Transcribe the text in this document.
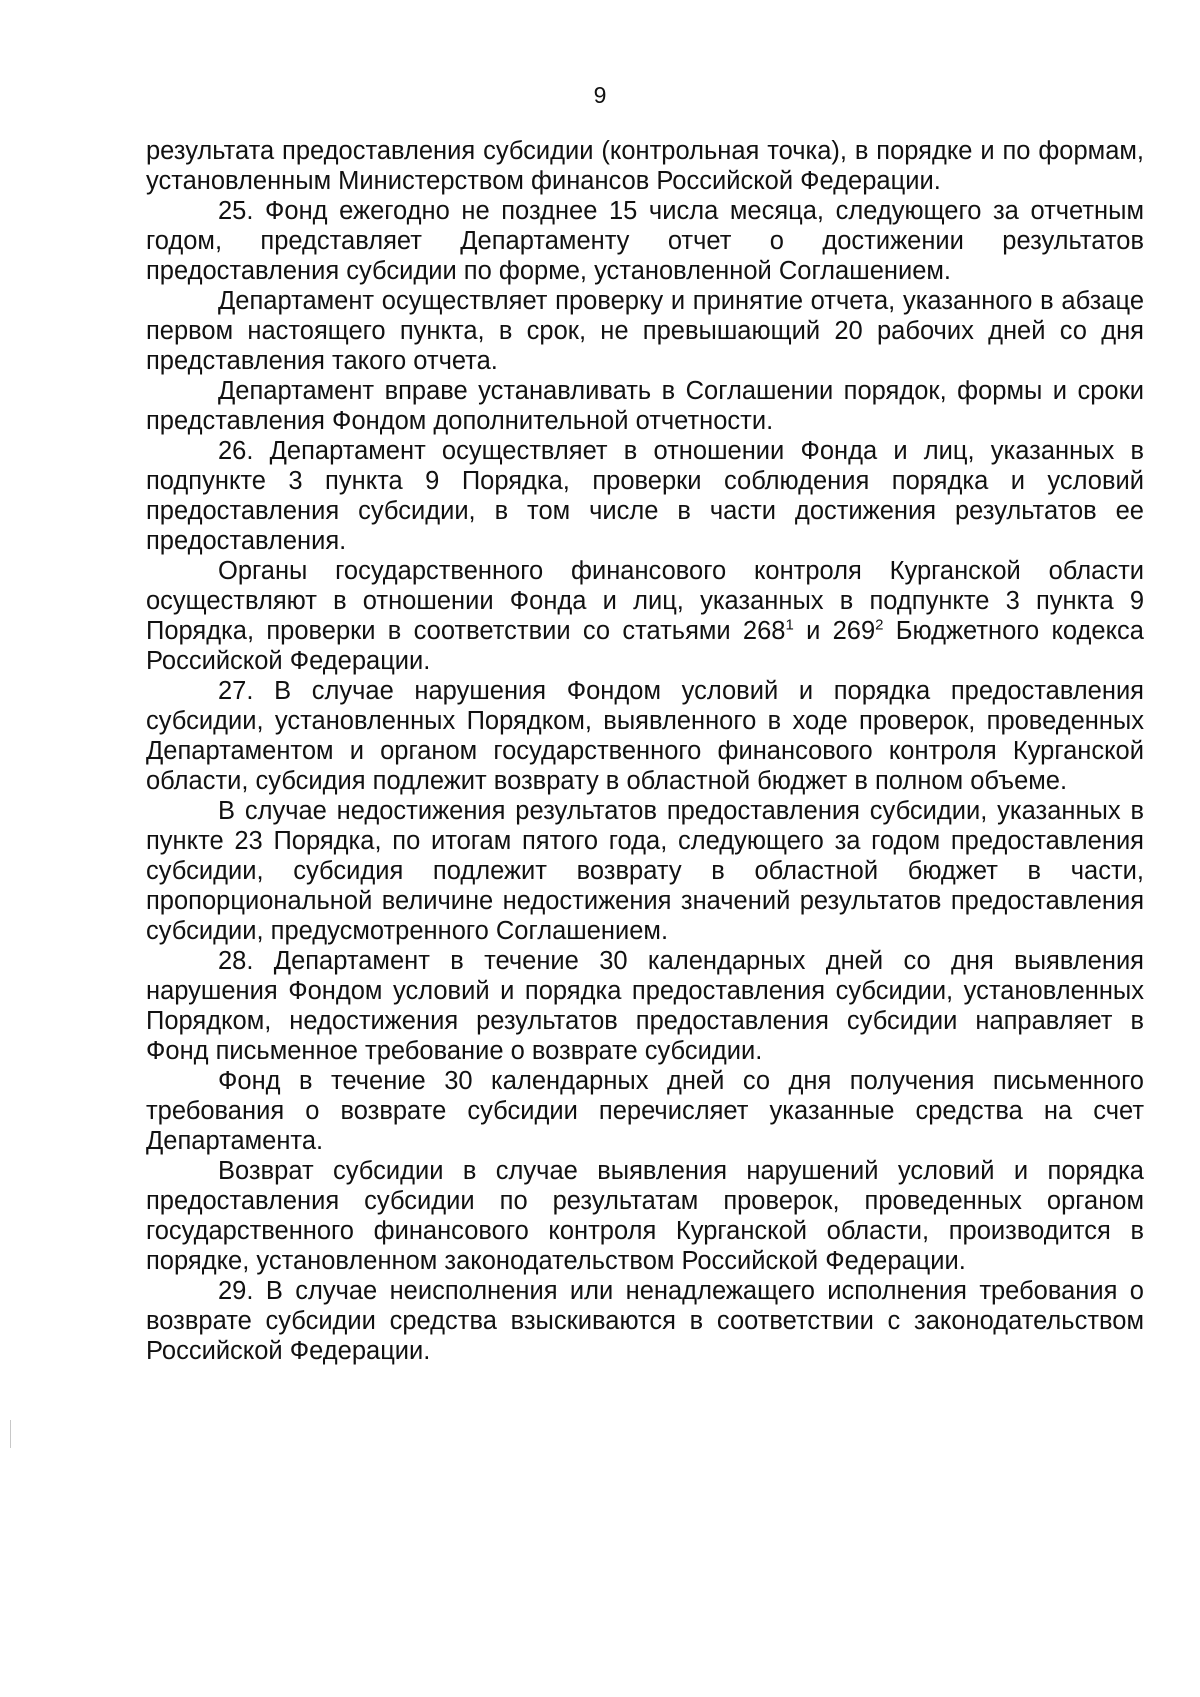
9

результата предоставления субсидии (контрольная точка), в порядке и по формам, установленным Министерством финансов Российской Федерации.

25. Фонд ежегодно не позднее 15 числа месяца, следующего за отчетным годом, представляет Департаменту отчет о достижении результатов предоставления субсидии по форме, установленной Соглашением.

Департамент осуществляет проверку и принятие отчета, указанного в абзаце первом настоящего пункта, в срок, не превышающий 20 рабочих дней со дня представления такого отчета.

Департамент вправе устанавливать в Соглашении порядок, формы и сроки представления Фондом дополнительной отчетности.

26. Департамент осуществляет в отношении Фонда и лиц, указанных в подпункте 3 пункта 9 Порядка, проверки соблюдения порядка и условий предоставления субсидии, в том числе в части достижения результатов ее предоставления.

Органы государственного финансового контроля Курганской области осуществляют в отношении Фонда и лиц, указанных в подпункте 3 пункта 9 Порядка, проверки в соответствии со статьями $268^1$ и $269^2$ Бюджетного кодекса Российской Федерации.

27. В случае нарушения Фондом условий и порядка предоставления субсидии, установленных Порядком, выявленного в ходе проверок, проведенных Департаментом и органом государственного финансового контроля Курганской области, субсидия подлежит возврату в областной бюджет в полном объеме.

В случае недостижения результатов предоставления субсидии, указанных в пункте 23 Порядка, по итогам пятого года, следующего за годом предоставления субсидии, субсидия подлежит возврату в областной бюджет в части, пропорциональной величине недостижения значений результатов предоставления субсидии, предусмотренного Соглашением.

28. Департамент в течение 30 календарных дней со дня выявления нарушения Фондом условий и порядка предоставления субсидии, установленных Порядком, недостижения результатов предоставления субсидии направляет в Фонд письменное требование о возврате субсидии.

Фонд в течение 30 календарных дней со дня получения письменного требования о возврате субсидии перечисляет указанные средства на счет Департамента.

Возврат субсидии в случае выявления нарушений условий и порядка предоставления субсидии по результатам проверок, проведенных органом государственного финансового контроля Курганской области, производится в порядке, установленном законодательством Российской Федерации.

29. В случае неисполнения или ненадлежащего исполнения требования о возврате субсидии средства взыскиваются в соответствии с законодательством Российской Федерации.
